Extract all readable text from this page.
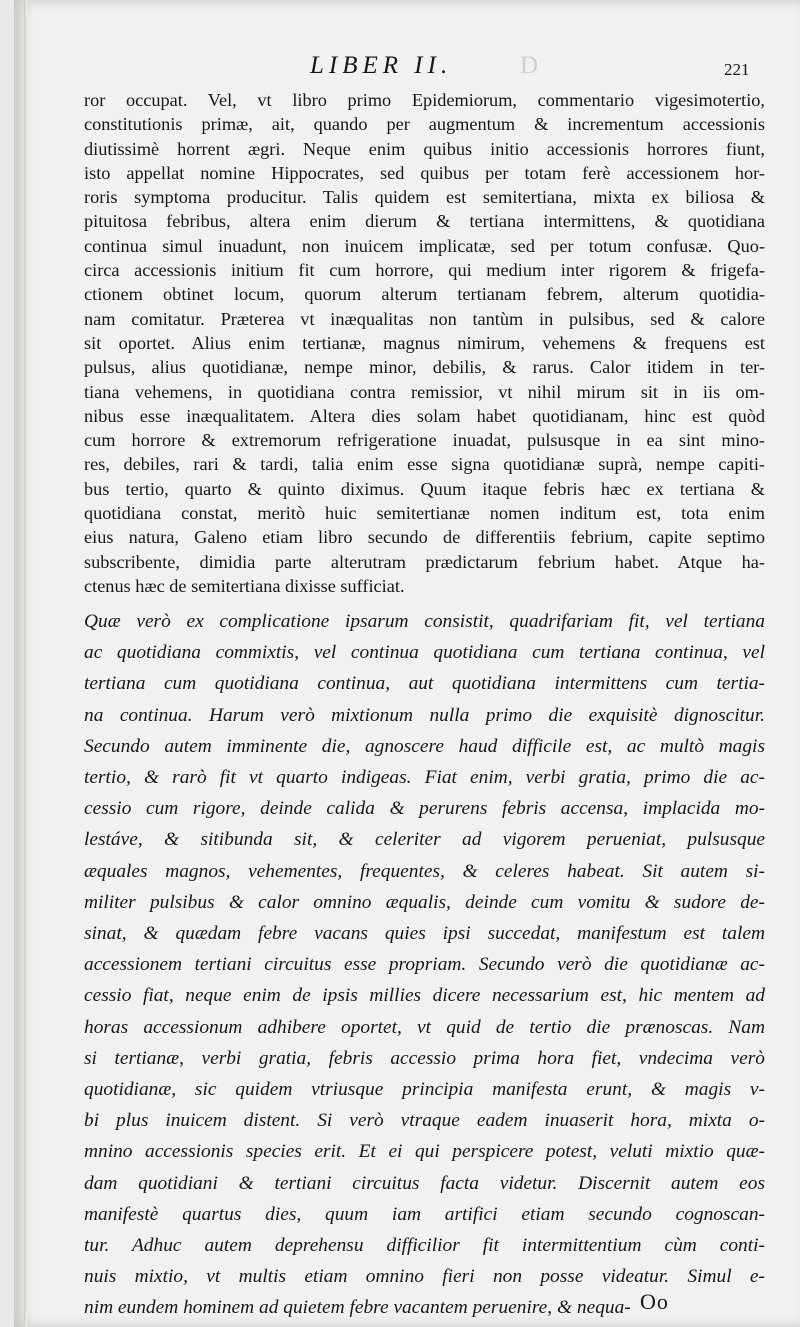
D
LIBER II.	221
ror occupat. Vel, vt libro primo Epidemiorum, commentario vigesimotertio,
constitutionis primæ, ait, quando per augmentum & incrementum accessionis
diutissimè horrent ægri. Neque enim quibus initio accessionis horrores fiunt,
isto appellat nomine Hippocrates, sed quibus per totam ferè accessionem hor-
roris symptoma producitur. Talis quidem est semitertiana, mixta ex biliosa &
pituitosa febribus, altera enim dierum & tertiana intermittens, & quotidiana
continua simul inuadunt, non inuicem implicatæ, sed per totum confusæ. Quo-
circa accessionis initium fit cum horrore, qui medium inter rigorem & frigefa-
ctionem obtinet locum, quorum alterum tertianam febrem, alterum quotidia-
nam comitatur. Præterea vt inæqualitas non tantùm in pulsibus, sed & calore
sit oportet. Alius enim tertianæ, magnus nimirum, vehemens & frequens est
pulsus, alius quotidianæ, nempe minor, debilis, & rarus. Calor itidem in ter-
tiana vehemens, in quotidiana contra remissior, vt nihil mirum sit in iis om-
nibus esse inæqualitatem. Altera dies solam habet quotidianam, hinc est quòd
cum horrore & extremorum refrigeratione inuadat, pulsusque in ea sint mino-
res, debiles, rari & tardi, talia enim esse signa quotidianæ suprà, nempe capiti-
bus tertio, quarto & quinto diximus. Quum itaque febris hæc ex tertiana &
quotidiana constat, meritò huic semitertianæ nomen inditum est, tota enim
eius natura, Galeno etiam libro secundo de differentiis febrium, capite septimo
subscribente, dimidia parte alterutram prædictarum febrium habet. Atque ha-
ctenus hæc de semitertiana dixisse sufficiat.
Quæ verò ex complicatione ipsarum consistit, quadrifariam fit, vel tertiana
ac quotidiana commixtis, vel continua quotidiana cum tertiana continua, vel
tertiana cum quotidiana continua, aut quotidiana intermittens cum tertia-
na continua. Harum verò mixtionum nulla primo die exquisitè dignoscitur.
Secundo autem imminente die, agnoscere haud difficile est, ac multò magis
tertio, & rarò fit vt quarto indigeas. Fiat enim, verbi gratia, primo die ac-
cessio cum rigore, deinde calida & perurens febris accensa, implacida mo-
lestáve, & sitibunda sit, & celeriter ad vigorem perueniat, pulsusque
æquales magnos, vehementes, frequentes, & celeres habeat. Sit autem si-
militer pulsibus & calor omnino æqualis, deinde cum vomitu & sudore de-
sinat, & quædam febre vacans quies ipsi succedat, manifestum est talem
accessionem tertiani circuitus esse propriam. Secundo verò die quotidianæ ac-
cessio fiat, neque enim de ipsis millies dicere necessarium est, hic mentem ad
horas accessionum adhibere oportet, vt quid de tertio die prænoscas. Nam
si tertianæ, verbi gratia, febris accessio prima hora fiet, vndecima verò
quotidianæ, sic quidem vtriusque principia manifesta erunt, & magis v-
bi plus inuicem distent. Si verò vtraque eadem inuaserit hora, mixta o-
mnino accessionis species erit. Et ei qui perspicere potest, veluti mixtio quæ-
dam quotidiani & tertiani circuitus facta videtur. Discernit autem eos
manifestè quartus dies, quum iam artifici etiam secundo cognoscan-
tur. Adhuc autem deprehensu difficilior fit intermittentium cùm conti-
nuis mixtio, vt multis etiam omnino fieri non posse videatur. Simul e-
nim eundem hominem ad quietem febre vacantem peruenire, & nequa- Oo
